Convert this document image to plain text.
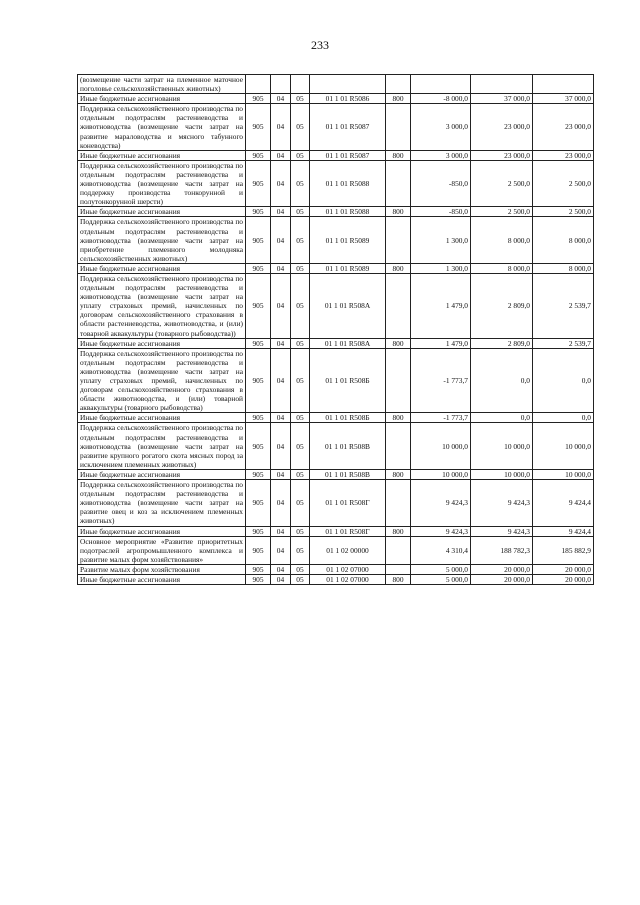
233
(возмещение части затрат на племенное маточное поголовье сельскохозяйственных животных)								
Иные бюджетные ассигнования	905	04	05	01 1 01 R5086	800	-8 000,0	37 000,0	37 000,0
Поддержка сельскохозяйственного производства по отдельным подотраслям растениеводства и животноводства (возмещение части затрат на развитие мараловодства и мясного табунного коневодства)	905	04	05	01 1 01 R5087		3 000,0	23 000,0	23 000,0
Иные бюджетные ассигнования	905	04	05	01 1 01 R5087	800	3 000,0	23 000,0	23 000,0
Поддержка сельскохозяйственного производства по отдельным подотраслям растениеводства и животноводства (возмещение части затрат на поддержку производства тонкорунной и полутонкорунной шерсти)	905	04	05	01 1 01 R5088		-850,0	2 500,0	2 500,0
Иные бюджетные ассигнования	905	04	05	01 1 01 R5088	800	-850,0	2 500,0	2 500,0
Поддержка сельскохозяйственного производства по отдельным подотраслям растениеводства и животноводства (возмещение части затрат на приобретение племенного молодняка сельскохозяйственных животных)	905	04	05	01 1 01 R5089		1 300,0	8 000,0	8 000,0
Иные бюджетные ассигнования	905	04	05	01 1 01 R5089	800	1 300,0	8 000,0	8 000,0
Поддержка сельскохозяйственного производства по отдельным подотраслям растениеводства и животноводства (возмещение части затрат на уплату страховых премий, начисленных по договорам сельскохозяйственного страхования в области растениеводства, животноводства, и (или) товарной аквакультуры (товарного рыбоводства))	905	04	05	01 1 01 R508А		1 479,0	2 809,0	2 539,7
Иные бюджетные ассигнования	905	04	05	01 1 01 R508А	800	1 479,0	2 809,0	2 539,7
Поддержка сельскохозяйственного производства по отдельным подотраслям растениеводства и животноводства (возмещение части затрат на уплату страховых премий, начисленных по договорам сельскохозяйственного страхования в области животноводства, и (или) товарной аквакультуры (товарного рыбоводства)	905	04	05	01 1 01 R508Б		-1 773,7	0,0	0,0
Иные бюджетные ассигнования	905	04	05	01 1 01 R508Б	800	-1 773,7	0,0	0,0
Поддержка сельскохозяйственного производства по отдельным подотраслям растениеводства и животноводства (возмещение части затрат на развитие крупного рогатого скота мясных пород за исключением племенных животных)	905	04	05	01 1 01 R508В		10 000,0	10 000,0	10 000,0
Иные бюджетные ассигнования	905	04	05	01 1 01 R508В	800	10 000,0	10 000,0	10 000,0
Поддержка сельскохозяйственного производства по отдельным подотраслям растениеводства и животноводства (возмещение части затрат на развитие овец и коз за исключением племенных животных)	905	04	05	01 1 01 R508Г		9 424,3	9 424,3	9 424,4
Иные бюджетные ассигнования	905	04	05	01 1 01 R508Г	800	9 424,3	9 424,3	9 424,4
Основное мероприятие «Развитие приоритетных подотраслей агропромышленного комплекса и развитие малых форм хозяйствования»	905	04	05	01 1 02 00000		4 310,4	188 782,3	185 882,9
Развитие малых форм хозяйствования	905	04	05	01 1 02 07000		5 000,0	20 000,0	20 000,0
Иные бюджетные ассигнования	905	04	05	01 1 02 07000	800	5 000,0	20 000,0	20 000,0
